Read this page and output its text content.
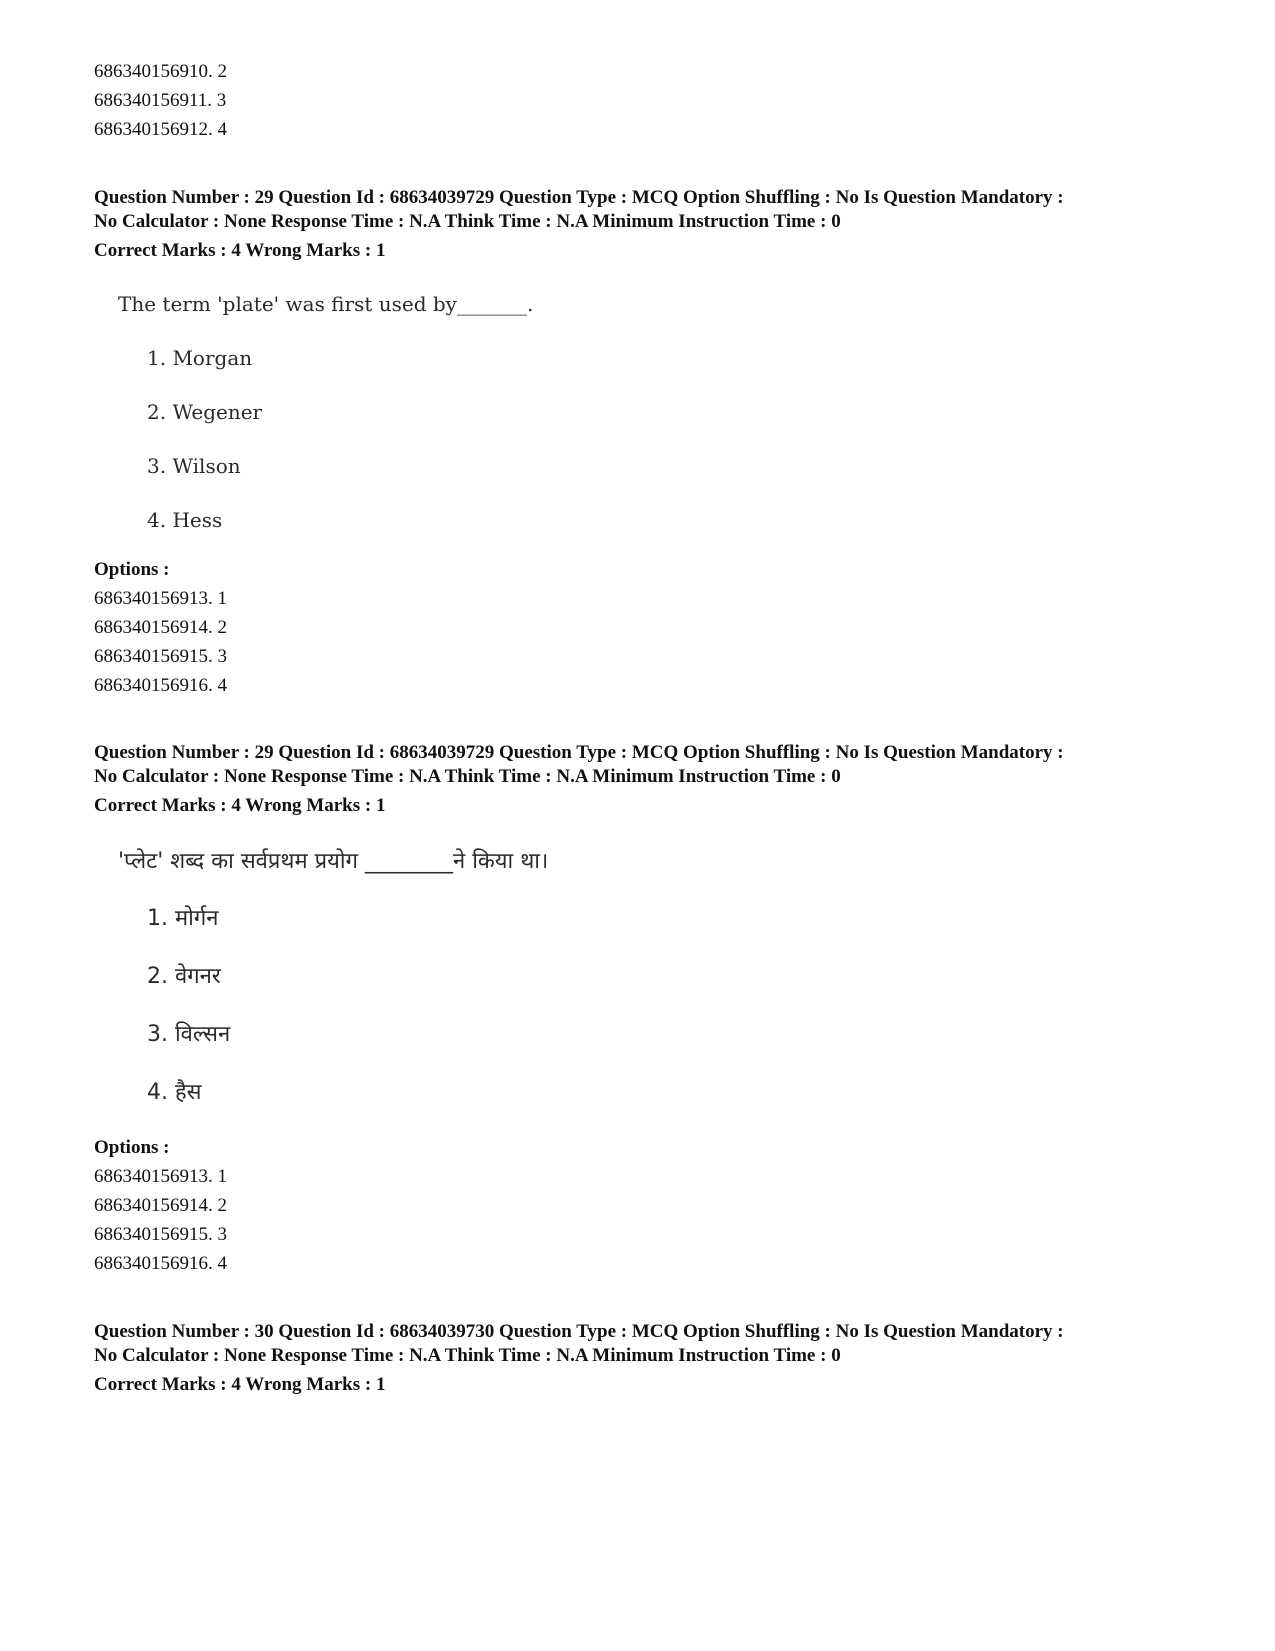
686340156910. 2
686340156911. 3
686340156912. 4
Question Number : 29 Question Id : 68634039729 Question Type : MCQ Option Shuffling : No Is Question Mandatory :
No Calculator : None Response Time : N.A Think Time : N.A Minimum Instruction Time : 0
Correct Marks : 4 Wrong Marks : 1
The term 'plate' was first used by_______.
1. Morgan
2. Wegener
3. Wilson
4. Hess
Options :
686340156913. 1
686340156914. 2
686340156915. 3
686340156916. 4
Question Number : 29 Question Id : 68634039729 Question Type : MCQ Option Shuffling : No Is Question Mandatory :
No Calculator : None Response Time : N.A Think Time : N.A Minimum Instruction Time : 0
Correct Marks : 4 Wrong Marks : 1
'प्लेट' शब्द का सर्वप्रथम प्रयोग ________ने किया था।
1. मोर्गन
2. वेगनर
3. विल्सन
4. हैस
Options :
686340156913. 1
686340156914. 2
686340156915. 3
686340156916. 4
Question Number : 30 Question Id : 68634039730 Question Type : MCQ Option Shuffling : No Is Question Mandatory :
No Calculator : None Response Time : N.A Think Time : N.A Minimum Instruction Time : 0
Correct Marks : 4 Wrong Marks : 1
